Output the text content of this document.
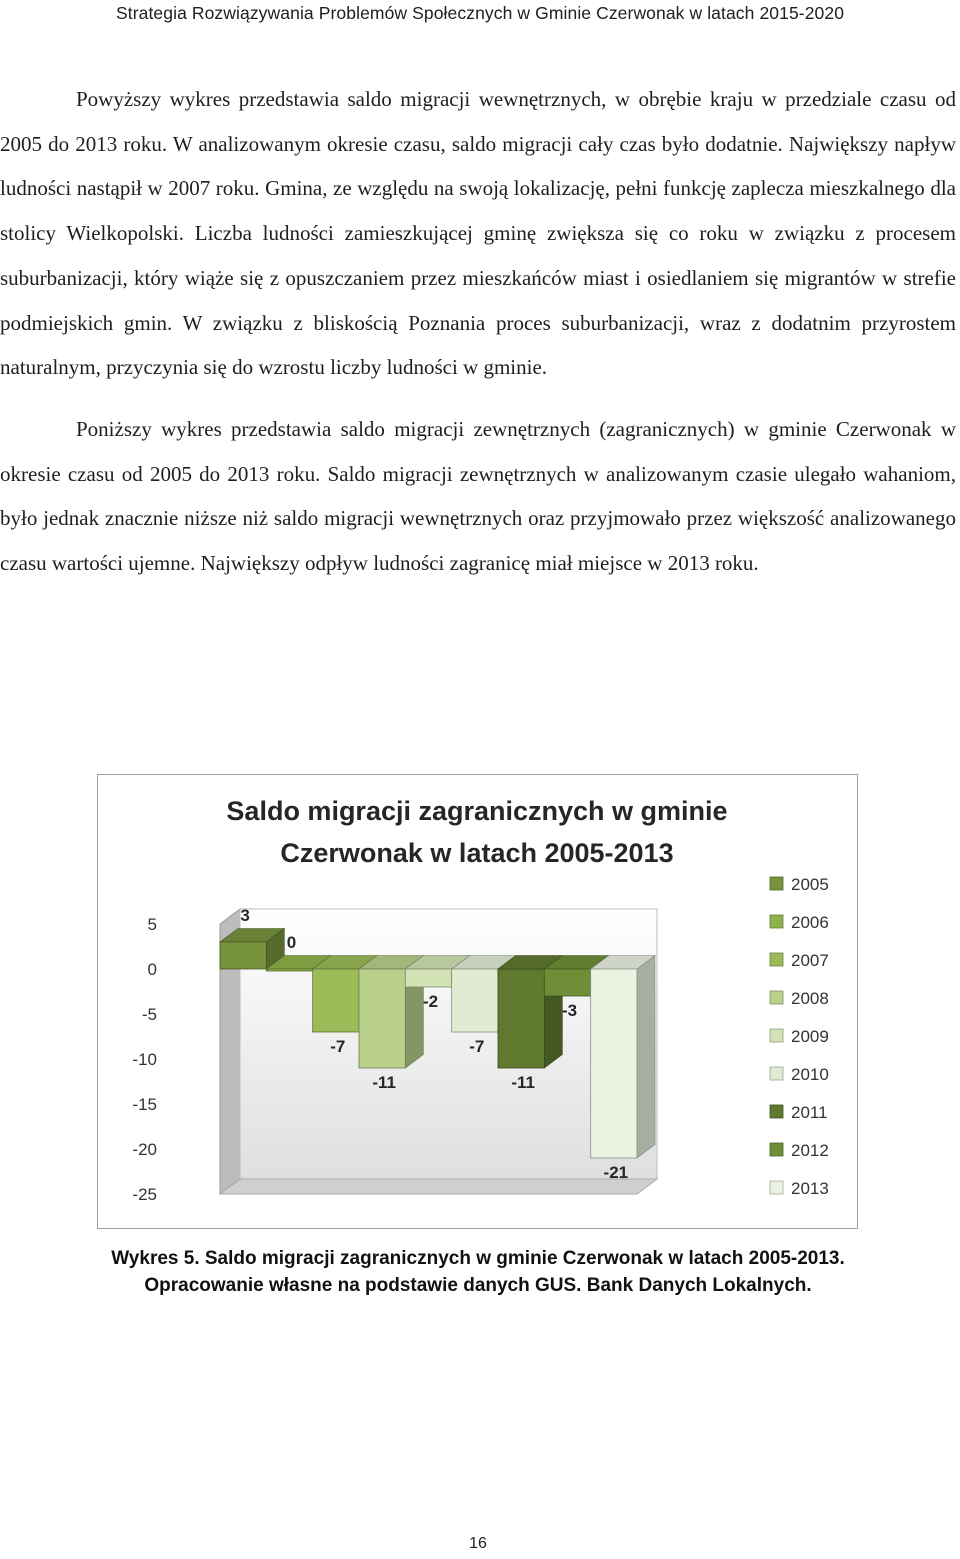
Strategia Rozwiązywania Problemów Społecznych w Gminie Czerwonak w latach 2015-2020

Powyższy wykres przedstawia saldo migracji wewnętrznych, w obrębie kraju w przedziale czasu od 2005 do 2013 roku. W analizowanym okresie czasu, saldo migracji cały czas było dodatnie. Największy napływ ludności nastąpił w 2007 roku. Gmina, ze względu na swoją lokalizację, pełni funkcję zaplecza mieszkalnego dla stolicy Wielkopolski. Liczba ludności zamieszkującej gminę zwiększa się co roku w związku z procesem suburbanizacji, który wiąże się z opuszczaniem przez mieszkańców miast i osiedlaniem się migrantów w strefie podmiejskich gmin. W związku z bliskością Poznania proces suburbanizacji, wraz z dodatnim przyrostem naturalnym, przyczynia się do wzrostu liczby ludności w gminie.

Poniższy wykres przedstawia saldo migracji zewnętrznych (zagranicznych) w gminie Czerwonak w okresie czasu od 2005 do 2013 roku. Saldo migracji zewnętrznych w analizowanym czasie ulegało wahaniom, było jednak znacznie niższe niż saldo migracji wewnętrznych oraz przyjmowało przez większość analizowanego czasu wartości ujemne. Największy odpływ ludności zagranicę miał miejsce w 2013 roku.

Saldo migracji zagranicznych w gminie
Czerwonak w latach 2005-2013
5
0
-5
-10
-15
-20
-25
3
0
-7
-11
-2
-7
-11
-3
-21
2005
2006
2007
2008
2009
2010
2011
2012
2013
Wykres 5. Saldo migracji zagranicznych w gminie Czerwonak w latach 2005-2013.
Opracowanie własne na podstawie danych GUS. Bank Danych Lokalnych.
16
